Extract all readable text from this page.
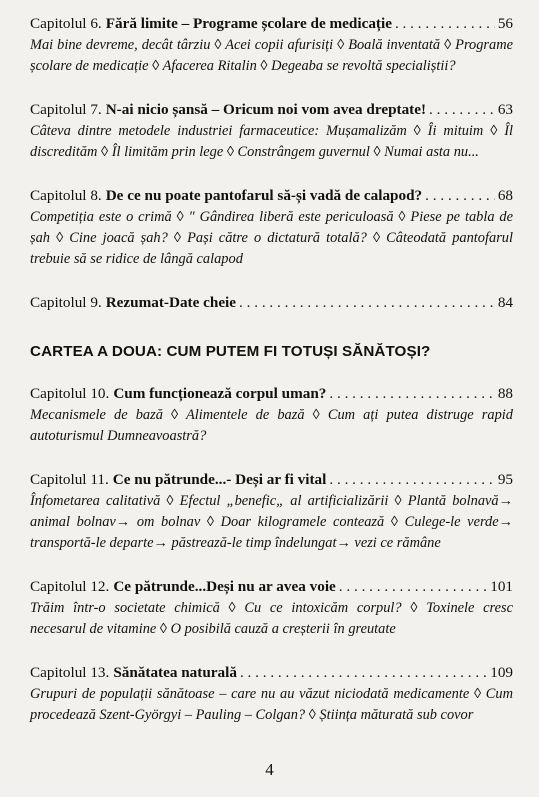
Capitolul 6. Fără limite – Programe școlare de medicație . . .	56
Mai bine devreme, decât târziu ◊ Acei copii afurisiți ◊ Boală inventată ◊ Programe școlare de medicație ◊ Afacerea Ritalin ◊ Degeaba se revoltă specialiștii?
Capitolul 7. N-ai nicio șansă – Oricum noi vom avea dreptate! . . .	63
Câteva dintre metodele industriei farmaceutice: Mușamalizăm ◊ Îi mituim ◊ Îl discredităm ◊ Îl limităm prin lege ◊ Constrângem guvernul ◊ Numai asta nu...
Capitolul 8. De ce nu poate pantofarul să-și vadă de calapod? . . .	68
Competiția este o crimă ◊ " Gândirea liberă este periculoasă ◊ Piese pe tabla de șah ◊ Cine joacă șah? ◊ Pași către o dictatură totală? ◊ Câteodată pantofarul trebuie să se ridice de lângă calapod
Capitolul 9. Rezumat-Date cheie . . .	84
CARTEA A DOUA: CUM PUTEM FI TOTUȘI SĂNĂTOȘI?
Capitolul 10. Cum funcționează corpul uman? . . .	88
Mecanismele de bază ◊ Alimentele de bază ◊ Cum ați putea distruge rapid autoturismul Dumneavoastră?
Capitolul 11. Ce nu pătrunde...- Deși ar fi vital . . .	95
Înfometarea calitativă ◊ Efectul „benefic„ al artificializării ◊ Plantă bolnavă→ animal bolnav→ om bolnav ◊ Doar kilogramele contează ◊ Culege-le verde→ transportă-le departe→ păstrează-le timp îndelungat→ vezi ce rămâne
Capitolul 12. Ce pătrunde...Deși nu ar avea voie . . .	101
Trăim într-o societate chimică ◊ Cu ce intoxicăm corpul? ◊ Toxinele cresc necesarul de vitamine ◊ O posibilă cauză a creșterii în greutate
Capitolul 13. Sănătatea naturală . . .	109
Grupuri de populații sănătoase – care nu au văzut niciodată medicamente ◊ Cum procedează Szent-Györgyi – Pauling – Colgan? ◊ Știința măturată sub covor
4
